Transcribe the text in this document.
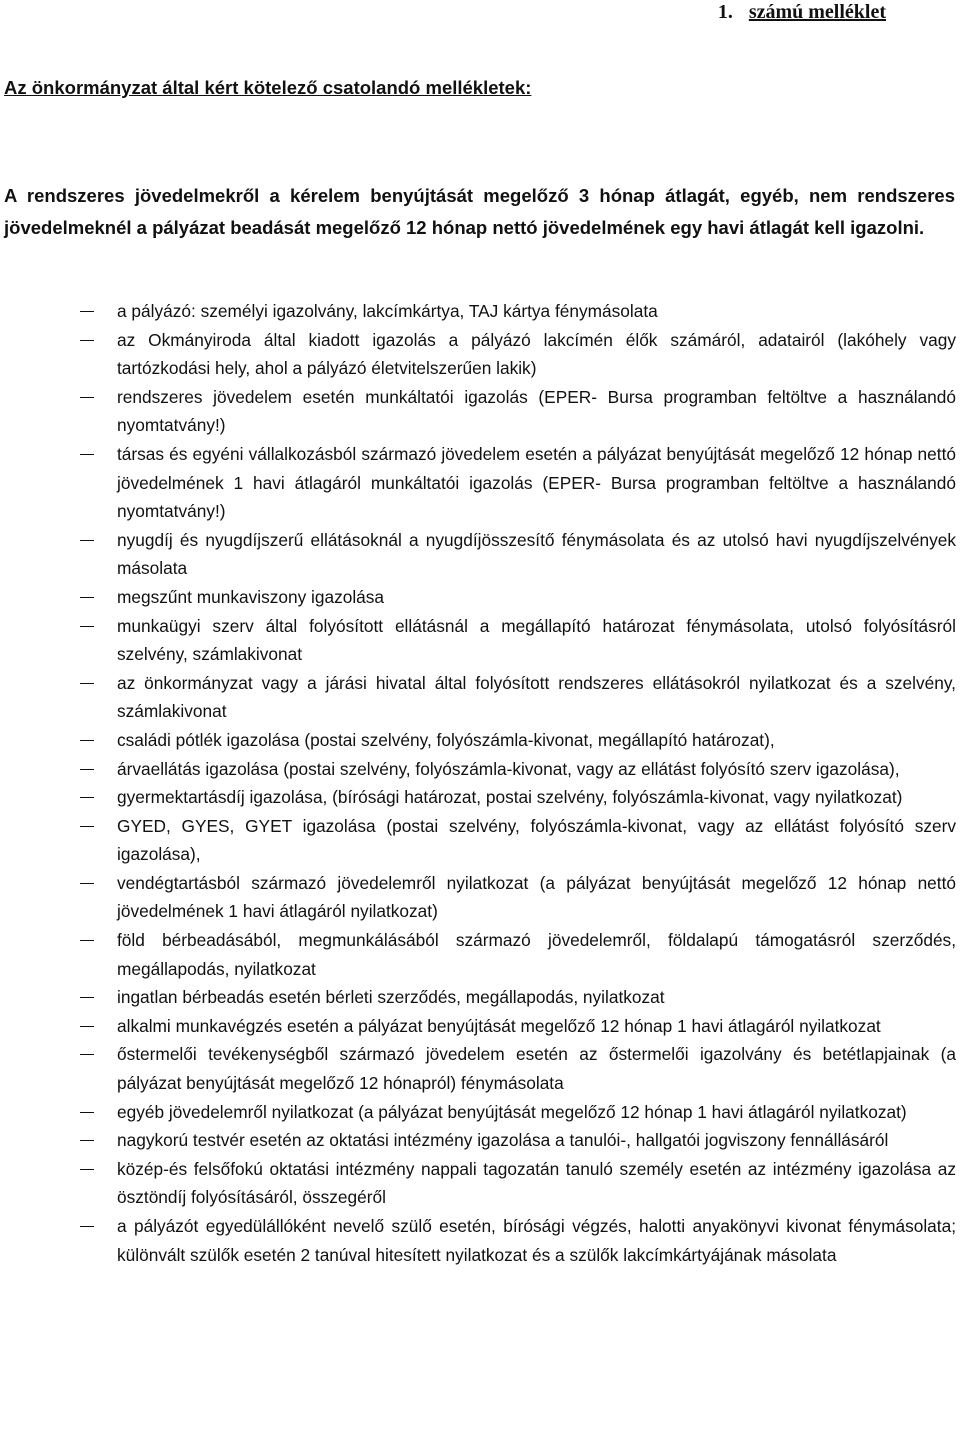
1. számú melléklet
Az önkormányzat által kért kötelező csatolandó mellékletek:

A rendszeres jövedelmekről a kérelem benyújtását megelőző 3 hónap átlagát, egyéb, nem rendszeres jövedelmeknél a pályázat beadását megelőző 12 hónap nettó jövedelmének egy havi átlagát kell igazolni.

a pályázó: személyi igazolvány, lakcímkártya, TAJ kártya fénymásolata
az Okmányiroda által kiadott igazolás a pályázó lakcímén élők számáról, adatairól (lakóhely vagy tartózkodási hely, ahol a pályázó életvitelszerűen lakik)
rendszeres jövedelem esetén munkáltatói igazolás (EPER- Bursa programban feltöltve a használandó nyomtatvány!)
társas és egyéni vállalkozásból származó jövedelem esetén a pályázat benyújtását megelőző 12 hónap nettó jövedelmének 1 havi átlagáról munkáltatói igazolás (EPER- Bursa programban feltöltve a használandó nyomtatvány!)
nyugdíj és nyugdíjszerű ellátásoknál a nyugdíjösszesítő fénymásolata és az utolsó havi nyugdíjszelvények másolata
megszűnt munkaviszony igazolása
munkaügyi szerv által folyósított ellátásnál a megállapító határozat fénymásolata, utolsó folyósításról szelvény, számlakivonat
az önkormányzat vagy a járási hivatal által folyósított rendszeres ellátásokról nyilatkozat és a szelvény, számlakivonat
családi pótlék igazolása (postai szelvény, folyószámla-kivonat, megállapító határozat),
árvaellátás igazolása (postai szelvény, folyószámla-kivonat, vagy az ellátást folyósító szerv igazolása),
gyermektartásdíj igazolása, (bírósági határozat, postai szelvény, folyószámla-kivonat, vagy nyilatkozat)
GYED, GYES, GYET igazolása (postai szelvény, folyószámla-kivonat, vagy az ellátást folyósító szerv igazolása),
vendégtartásból származó jövedelemről nyilatkozat (a pályázat benyújtását megelőző 12 hónap nettó jövedelmének 1 havi átlagáról nyilatkozat)
föld bérbeadásából, megmunkálásából származó jövedelemről, földalapú támogatásról szerződés, megállapodás, nyilatkozat
ingatlan bérbeadás esetén bérleti szerződés, megállapodás, nyilatkozat
alkalmi munkavégzés esetén a pályázat benyújtását megelőző 12 hónap 1 havi átlagáról nyilatkozat
őstermelői tevékenységből származó jövedelem esetén az őstermelői igazolvány és betétlapjainak (a pályázat benyújtását megelőző 12 hónapról) fénymásolata
egyéb jövedelemről nyilatkozat (a pályázat benyújtását megelőző 12 hónap 1 havi átlagáról nyilatkozat)
nagykorú testvér esetén az oktatási intézmény igazolása a tanulói-, hallgatói jogviszony fennállásáról
közép-és felsőfokú oktatási intézmény nappali tagozatán tanuló személy esetén az intézmény igazolása az ösztöndíj folyósításáról, összegéről
a pályázót egyedülállóként nevelő szülő esetén, bírósági végzés, halotti anyakönyvi kivonat fénymásolata; különvált szülők esetén 2 tanúval hitesített nyilatkozat és a szülők lakcímkártyájának másolata
